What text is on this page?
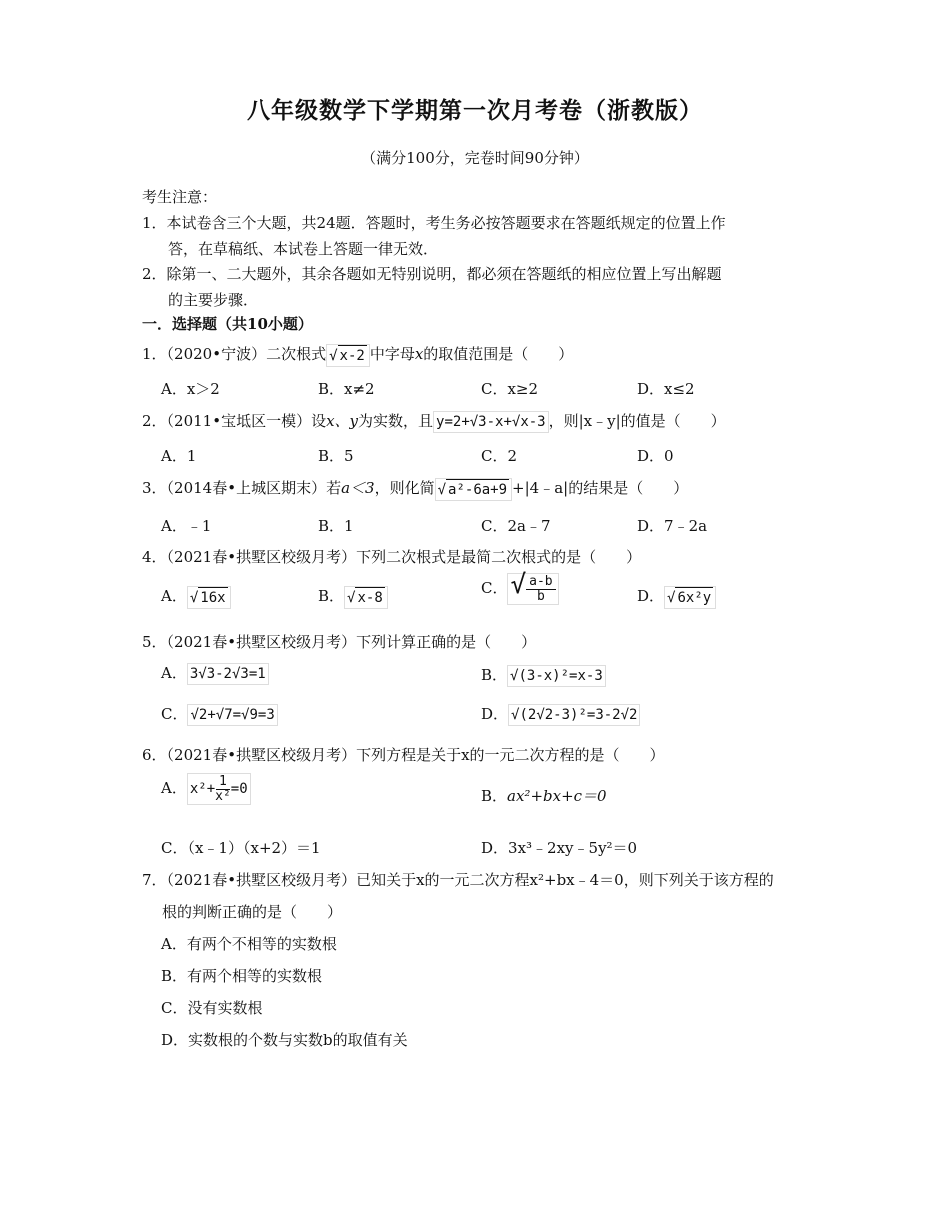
八年级数学下学期第一次月考卷（浙教版）
（满分100分，完卷时间90分钟）
考生注意：
1．本试卷含三个大题，共24题．答题时，考生务必按答题要求在答题纸规定的位置上作
答，在草稿纸、本试卷上答题一律无效．
2．除第一、二大题外，其余各题如无特别说明，都必须在答题纸的相应位置上写出解题
的主要步骤．
一．选择题（共10小题）
1．（2020•宁波）二次根式 √ x-2 中字母x的取值范围是（　　）
A．x＞2	B．x≠2	C．x≥2	D．x≤2
2．（2011•宝坻区一模）设x、y为实数，且 y=2+√3-x+√x-3 ，则|x﹣y|的值是（　　）
A．1	B．5	C．2	D．0
3．（2014春•上城区期末）若a＜3，则化简 √ a²-6a+9 +|4﹣a|的结果是（　　）
A．﹣1	B．1	C．2a﹣7	D．7﹣2a
4．（2021春•拱墅区校级月考）下列二次根式是最简二次根式的是（　　）
A． √ 16x	B． √ x-8
C． √ $\frac{a-b}{b}$	D． √ 6x²y
5．（2021春•拱墅区校级月考）下列计算正确的是（　　）
A． 3√3-2√3=1	B． √(3-x)²=x-3
C． √2+√7=√9=3	D． √(2√2-3)²=3-2√2
6．（2021春•拱墅区校级月考）下列方程是关于x的一元二次方程的是（　　）
A． $x^2+\frac{1}{\text{x²}}=0$	B．ax²+bx+c＝0
C．（x﹣1）（x+2）＝1	D．3x³﹣2xy﹣5y²＝0
7．（2021春•拱墅区校级月考）已知关于x的一元二次方程x²+bx﹣4＝0，则下列关于该方程的
根的判断正确的是（　　）
A．有两个不相等的实数根
B．有两个相等的实数根
C．没有实数根
D．实数根的个数与实数b的取值有关
